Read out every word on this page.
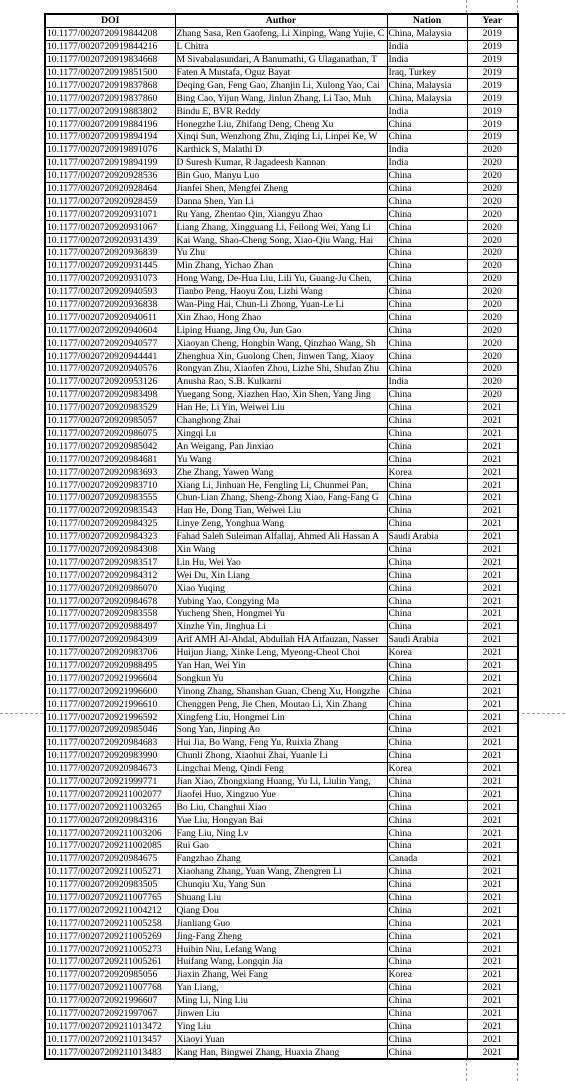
DOI	Author	Nation	Year
10.1177/0020720919844208	Zhang Sasa, Ren Gaofeng, Li Xinping, Wang Yujie, C	China, Malaysia	2019
10.1177/0020720919844216	L Chitra	India	2019
10.1177/0020720919834668	M Sivabalasundari, A Banumathi, G Ulaganathan, T	India	2019
10.1177/0020720919851500	Faten A Mustafa, Oguz Bayat	Iraq, Turkey	2019
10.1177/0020720919837868	Deqing Gan, Feng Gao, Zhanjin Li, Xulong Yao, Cai	China, Malaysia	2019
10.1177/0020720919837860	Bing Cao, Yijun Wang, Jinlun Zhang, Li Tao, Muh	China, Malaysia	2019
10.1177/0020720919883802	Bindu E, BVR Reddy	India	2019
10.1177/0020720919884196	Honegzhe Liu, Zhifang Deng, Cheng Xu	China	2019
10.1177/0020720919894194	Xinqi Sun, Wenzhong Zhu, Ziqing Li, Linpei Ke, W	China	2019
10.1177/0020720919891076	Karthick S, Malathi D	India	2020
10.1177/0020720919894199	D Suresh Kumar, R Jagadeesh Kannan	India	2020
10.1177/0020720920928536	Bin Guo, Manyu Luo	China	2020
10.1177/0020720920928464	Jianfei Shen, Mengfei Zheng	China	2020
10.1177/0020720920928459	Danna Shen, Yan Li	China	2020
10.1177/0020720920931071	Ru Yang, Zhentao Qin, Xiangyu Zhao	China	2020
10.1177/0020720920931067	Liang Zhang, Xingguang Li, Feilong Wei, Yang Li	China	2020
10.1177/0020720920931439	Kai Wang, Shao-Cheng Song, Xiao-Qiu Wang, Hai	China	2020
10.1177/0020720920936839	Yu Zhu	China	2020
10.1177/0020720920931445	Min Zhang, Yichao Zhan	China	2020
10.1177/0020720920931073	Hong Wang, De-Hua Liu, Lili Yu, Guang-Ju Chen,	China	2020
10.1177/0020720920940593	Tianbo Peng, Haoyu Zou, Lizhi Wang	China	2020
10.1177/0020720920936838	Wan-Ping Hai, Chun-Li Zhong, Yuan-Le Li	China	2020
10.1177/0020720920940611	Xin Zhao, Hong Zhao	China	2020
10.1177/0020720920940604	Liping Huang, Jing Ou, Jun Gao	China	2020
10.1177/0020720920940577	Xiaoyan Cheng, Hongbin Wang, Qinzhao Wang, Sh	China	2020
10.1177/0020720920944441	Zhenghua Xin, Guolong Chen, Jinwen Tang, Xiaoy	China	2020
10.1177/0020720920940576	Rongyan Zhu, Xiaofen Zhou, Lizhe Shi, Shufan Zhu	China	2020
10.1177/0020720920953126	Anusha Rao, S.B. Kulkarni	India	2020
10.1177/0020720920983498	Yuegang Song, Xiazhen Hao, Xin Shen, Yang Jing	China	2020
10.1177/0020720920983529	Han He, Li Yin, Weiwei Liu	China	2021
10.1177/0020720920985057	Changhong Zhai	China	2021
10.1177/0020720920986075	Xingqi Lu	China	2021
10.1177/0020720920985042	An Weigang, Pan Jinxiao	China	2021
10.1177/0020720920984681	Yu Wang	China	2021
10.1177/0020720920983693	Zhe Zhang, Yawen Wang	Korea	2021
10.1177/0020720920983710	Xiang Li, Jinhuan He, Fengling Li, Chunmei Pan,	China	2021
10.1177/0020720920983555	Chun-Lian Zhang, Sheng-Zhong Xiao, Fang-Fang G	China	2021
10.1177/0020720920983543	Han He, Dong Tian, Weiwei Liu	China	2021
10.1177/0020720920984325	Linye Zeng, Yonghua Wang	China	2021
10.1177/0020720920984323	Fahad Saleh Suleiman Alfallaj, Ahmed Ali Hassan A	Saudi Arabia	2021
10.1177/0020720920984308	Xin Wang	China	2021
10.1177/0020720920983517	Lin Hu, Wei Yao	China	2021
10.1177/0020720920984312	Wei Du, Xin Liang	China	2021
10.1177/0020720920986070	Xiao Yuqing	China	2021
10.1177/0020720920984678	Yubing Yao, Congying Ma	China	2021
10.1177/0020720920983558	Yucheng Shen, Hongmei Yu	China	2021
10.1177/0020720920988497	Xinzhe Yin, Jinghua Li	China	2021
10.1177/0020720920984309	Arif AMH Al-Ahdal, Abdullah HA Atfauzan, Nasser	Saudi Arabia	2021
10.1177/0020720920983706	Huijun Jiang, Xinke Leng, Myeong-Cheol Choi	Korea	2021
10.1177/0020720920988495	Yan Han, Wei Yin	China	2021
10.1177/0020720921996604	Songkun Yu	China	2021
10.1177/0020720921996600	Yinong Zhang, Shanshan Guan, Cheng Xu, Hongzhe	China	2021
10.1177/0020720921996610	Chenggen Peng, Jie Chen, Moutao Li, Xin Zhang	China	2021
10.1177/0020720921996592	Xingfeng Liu, Hongmei Lin	China	2021
10.1177/0020720920985046	Song Yan, Jinping Ao	China	2021
10.1177/0020720920984683	Hui Jia, Bo Wang, Feng Yu, Ruixia Zhang	China	2021
10.1177/0020720920983990	Chunli Zhong, Xiaohui Zhai, Yuanle Li	China	2021
10.1177/0020720920984673	Lingchai Meng, Qindi Feng	Korea	2021
10.1177/0020720921999771	Jian Xiao, Zhongxiang Huang, Yu Li, Liulin Yang,	China	2021
10.1177/00207209211002077	Jiaofei Huo, Xingzuo Yue	China	2021
10.1177/00207209211003265	Bo Liu, Changhui Xiao	China	2021
10.1177/0020720920984316	Yue Liu, Hongyan Bai	China	2021
10.1177/00207209211003206	Fang Liu, Ning Lv	China	2021
10.1177/00207209211002085	Rui Gao	China	2021
10.1177/0020720920984675	Fangzhao Zhang	Canada	2021
10.1177/00207209211005271	Xiaohang Zhang, Yuan Wang, Zhengren Li	China	2021
10.1177/0020720920983505	Chunqiu Xu, Yang Sun	China	2021
10.1177/00207209211007765	Shuang Liu	China	2021
10.1177/00207209211004212	Qiang Dou	China	2021
10.1177/00207209211005258	Jianliang Guo	China	2021
10.1177/00207209211005269	Jing-Fang Zheng	China	2021
10.1177/00207209211005273	Huibin Niu, Lefang Wang	China	2021
10.1177/00207209211005261	Huifang Wang, Longqin Jia	China	2021
10.1177/0020720920985056	Jiaxin Zhang, Wei Fang	Korea	2021
10.1177/00207209211007768	Yan Liang,	China	2021
10.1177/0020720921996607	Ming Li, Ning Liu	China	2021
10.1177/0020720921997067	Jinwen Liu	China	2021
10.1177/00207209211013472	Ying Liu	China	2021
10.1177/00207209211013457	Xiaoyi Yuan	China	2021
10.1177/00207209211013483	Kang Han, Bingwei Zhang, Huaxia Zhang	China	2021
